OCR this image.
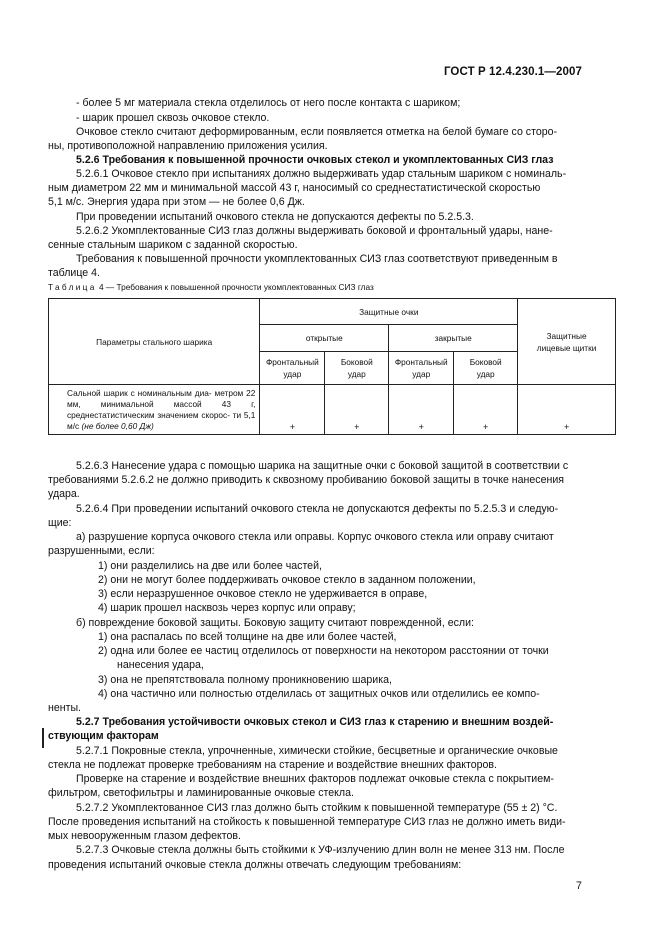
ГОСТ Р 12.4.230.1—2007
- более 5 мг материала стекла отделилось от него после контакта с шариком;
- шарик прошел сквозь очковое стекло.
Очковое стекло считают деформированным, если появляется отметка на белой бумаге со сторо-
ны, противоположной направлению приложения усилия.
5.2.6 Требования к повышенной прочности очковых стекол и укомплектованных СИЗ глаз
5.2.6.1 Очковое стекло при испытаниях должно выдерживать удар стальным шариком с номиналь-
ным диаметром 22 мм и минимальной массой 43 г, наносимый со среднестатистической скоростью
5,1 м/с. Энергия удара при этом — не более 0,6 Дж.
При проведении испытаний очкового стекла не допускаются дефекты по 5.2.5.3.
5.2.6.2 Укомплектованные СИЗ глаз должны выдерживать боковой и фронтальный удары, нане-
сенные стальным шариком с заданной скоростью.
Требования к повышенной прочности укомплектованных СИЗ глаз соответствуют приведенным в
таблице 4.
Таблица 4 — Требования к повышенной прочности укомплектованных СИЗ глаз
Параметры стального шарика	Защитные очки				Защитные лицевые щитки
	открытые		закрытые		
	Фронтальный удар	Боковой удар	Фронтальный удар	Боковой удар	
Сальной шарик с номинальным диа- метром 22 мм, минимальной массой 43 г, среднестатистическим значением скорос- ти 5,1 м/с (не более 0,60 Дж)	+	+	+	+	+
5.2.6.3 Нанесение удара с помощью шарика на защитные очки с боковой защитой в соответствии с
требованиями 5.2.6.2 не должно приводить к сквозному пробиванию боковой защиты в точке нанесения
удара.
5.2.6.4 При проведении испытаний очкового стекла не допускаются дефекты по 5.2.5.3 и следую-
щие:
а) разрушение корпуса очкового стекла или оправы. Корпус очкового стекла или оправу считают
разрушенными, если:
1) они разделились на две или более частей,
2) они не могут более поддерживать очковое стекло в заданном положении,
3) если неразрушенное очковое стекло не удерживается в оправе,
4) шарик прошел насквозь через корпус или оправу;
б) повреждение боковой защиты. Боковую защиту считают поврежденной, если:
1) она распалась по всей толщине на две или более частей,
2) одна или более ее частиц отделилось от поверхности на некотором расстоянии от точки
нанесения удара,
3) она не препятствовала полному проникновению шарика,
4) она частично или полностью отделилась от защитных очков или отделились ее компо-
ненты.
5.2.7 Требования устойчивости очковых стекол и СИЗ глаз к старению и внешним воздей-
ствующим факторам
5.2.7.1 Покровные стекла, упрочненные, химически стойкие, бесцветные и органические очковые
стекла не подлежат проверке требованиям на старение и воздействие внешних факторов.
Проверке на старение и воздействие внешних факторов подлежат очковые стекла с покрытием-
фильтром, светофильтры и ламинированные очковые стекла.
5.2.7.2 Укомплектованное СИЗ глаз должно быть стойким к повышенной температуре (55 ± 2) °С.
После проведения испытаний на стойкость к повышенной температуре СИЗ глаз не должно иметь види-
мых невооруженным глазом дефектов.
5.2.7.3 Очковые стекла должны быть стойкими к УФ-излучению длин волн не менее 313 нм. После
проведения испытаний очковые стекла должны отвечать следующим требованиям:
7
